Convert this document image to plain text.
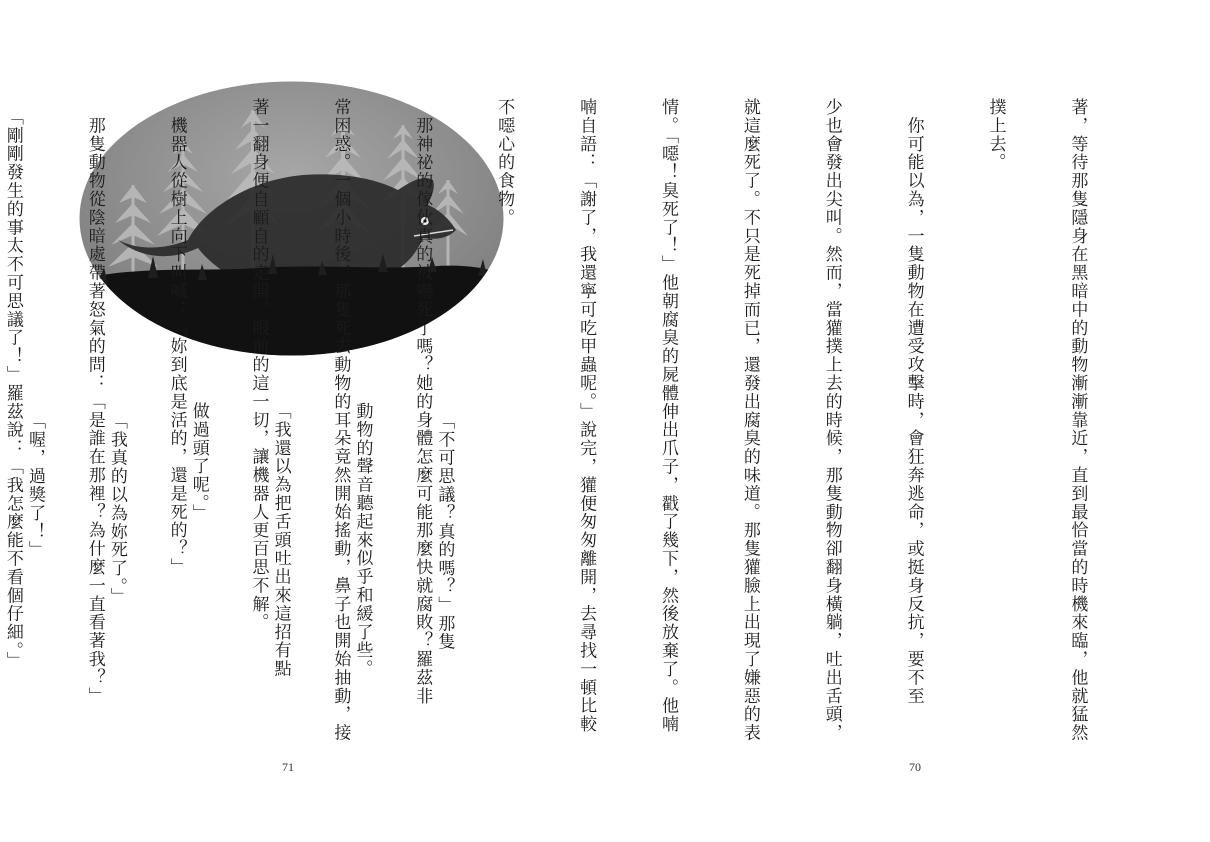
　「不可思議？真的嗎？」那隻

動物的聲音聽起來似乎和緩了些。

「我還以為把舌頭吐出來這招有點

做過頭了呢。」

　「我真的以為妳死了。」

　「喔，過獎了！」

71

著，等待那隻隱身在黑暗中的動物漸漸靠近，直到最恰當的時機來臨，他就猛然

撲上去。

　你可能以為，一隻動物在遭受攻擊時，會狂奔逃命，或挺身反抗，要不至

少也會發出尖叫。然而，當獾撲上去的時候，那隻動物卻翻身橫躺，吐出舌頭，

就這麼死了。不只是死掉而已，還發出腐臭的味道。那隻獾臉上出現了嫌惡的表

情。「噁！臭死了！」他朝腐臭的屍體伸出爪子，戳了幾下，然後放棄了。他喃

喃自語：「謝了，我還寧可吃甲蟲呢。」說完，獾便匆匆離開，去尋找一頓比較

不噁心的食物。

　那神祕的傢伙真的被嚇死了嗎？她的身體怎麼可能那麼快就腐敗？羅茲非

常困惑。一個小時後，那隻死去動物的耳朵竟然開始搖動，鼻子也開始抽動，接

著一翻身便自顧自的走開。眼前的這一切，讓機器人更百思不解。

　機器人從樹上向下叫喊：「妳到底是活的，還是死的？」

　那隻動物從陰暗處帶著怒氣的問：「是誰在那裡？為什麼一直看著我？」

　「剛剛發生的事太不可思議了！」羅茲說：「我怎麼能不看個仔細。」

70
